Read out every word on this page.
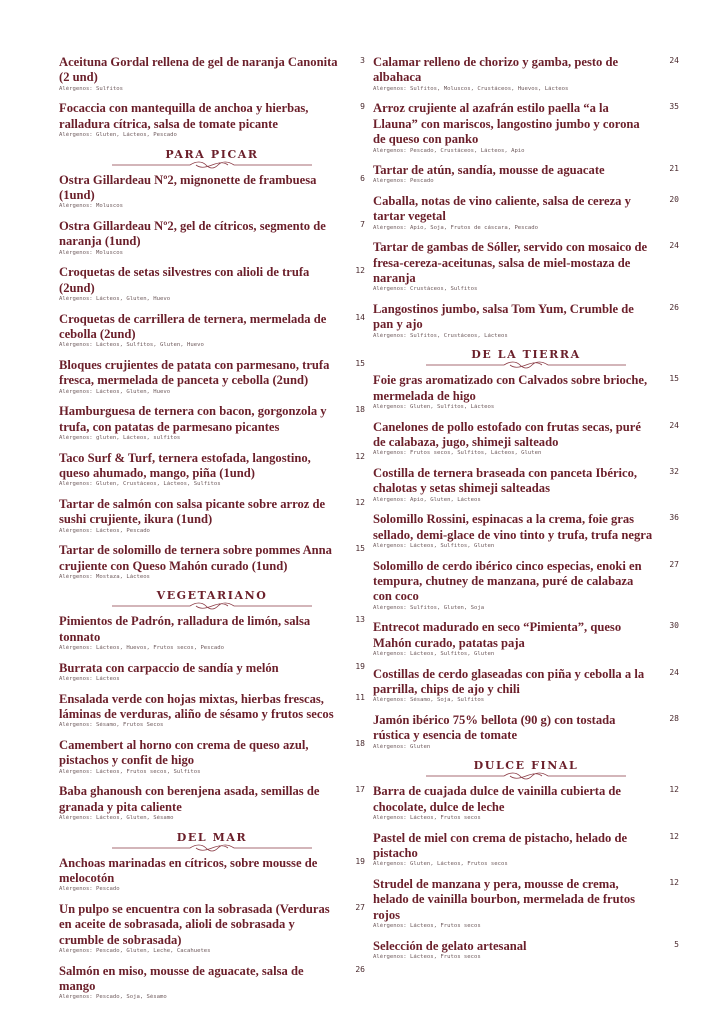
Aceituna Gordal rellena de gel de naranja Canonita (2 und)
3
Alérgenos: Sulfitos
Focaccia con mantequilla de anchoa y hierbas, ralladura cítrica, salsa de tomate picante
9
Alérgenos: Gluten, Lácteos, Pescado
PARA PICAR
Ostra Gillardeau Nº2, mignonette de frambuesa (1und)
6
Alérgenos: Moluscos
Ostra Gillardeau Nº2, gel de cítricos, segmento de naranja (1und)
7
Alérgenos: Moluscos
Croquetas de setas silvestres con alioli de trufa (2und)
12
Alérgenos: Lácteos, Gluten, Huevo
Croquetas de carrillera de ternera, mermelada de cebolla (2und)
14
Alérgenos: Lácteos, Sulfitos, Gluten, Huevo
Bloques crujientes de patata con parmesano, trufa fresca, mermelada de panceta y cebolla (2und)
15
Alérgenos: Lácteos, Gluten, Huevo
Hamburguesa de ternera con bacon, gorgonzola y trufa, con patatas de parmesano picantes
18
Alérgenos: gluten, Lácteos, sulfitos
Taco Surf & Turf, ternera estofada, langostino, queso ahumado, mango, piña (1und)
12
Alérgenos: Gluten, Crustáceos, Lácteos, Sulfitos
Tartar de salmón con salsa picante sobre arroz de sushi crujiente, ikura (1und)
12
Alérgenos: Lácteos, Pescado
Tartar de solomillo de ternera sobre pommes Anna crujiente con Queso Mahón curado (1und)
15
Alérgenos: Mostaza, Lácteos
VEGETARIANO
Pimientos de Padrón, ralladura de limón, salsa tonnato
13
Alérgenos: Lácteos, Huevos, Frutos secos, Pescado
Burrata con carpaccio de sandía y melón	19
Alérgenos: Lácteos
Ensalada verde con hojas mixtas, hierbas frescas, láminas de verduras, aliño de sésamo y frutos secos
11
Alérgenos: Sésamo, Frutos Secos
Camembert al horno con crema de queso azul, pistachos y confit de higo
18
Alérgenos: Lácteos, Frutos secos, Sulfitos
Baba ghanoush con berenjena asada, semillas de granada y pita caliente
17
Alérgenos: Lácteos, Gluten, Sésamo
DEL MAR
Anchoas marinadas en cítricos, sobre mousse de melocotón
19
Alérgenos: Pescado
Un pulpo se encuentra con la sobrasada (Verduras en aceite de sobrasada, alioli de sobrasada y crumble de sobrasada)
27
Alérgenos: Pescado, Gluten, Leche, Cacahuetes
Salmón en miso, mousse de aguacate, salsa de mango
26
Alérgenos: Pescado, Soja, Sésamo
Calamar relleno de chorizo y gamba, pesto de albahaca
24
Alérgenos: Sulfitos, Moluscos, Crustáceos, Huevos, Lácteos
Arroz crujiente al azafrán estilo paella “a la Llauna” con mariscos, langostino jumbo y corona de queso con panko
35
Alérgenos: Pescado, Crustáceos, Lácteos, Apio
Tartar de atún, sandía, mousse de aguacate	21
Alérgenos: Pescado
Caballa, notas de vino caliente, salsa de cereza y tartar vegetal
20
Alérgenos: Apio, Soja, Frutos de cáscara, Pescado
Tartar de gambas de Sóller, servido con mosaico de fresa-cereza-aceitunas, salsa de miel-mostaza de naranja
24
Alérgenos: Crustáceos, Sulfitos
Langostinos jumbo, salsa Tom Yum, Crumble de pan y ajo
26
Alérgenos: Sulfitos, Crustáceos, Lácteos
DE LA TIERRA
Foie gras aromatizado con Calvados sobre brioche, mermelada de higo
15
Alérgenos: Gluten, Sulfitos, Lácteos
Canelones de pollo estofado con frutas secas, puré de calabaza, jugo, shimeji salteado
24
Alérgenos: Frutos secos, Sulfitos, Lácteos, Gluten
Costilla de ternera braseada con panceta Ibérico, chalotas y setas shimeji salteadas
32
Alérgenos: Apio, Gluten, Lácteos
Solomillo Rossini, espinacas a la crema, foie gras sellado, demi-glace de vino tinto y trufa, trufa negra
36
Alérgenos: Lácteos, Sulfitos, Gluten
Solomillo de cerdo ibérico cinco especias, enoki en tempura, chutney de manzana, puré de calabaza con coco
27
Alérgenos: Sulfitos, Gluten, Soja
Entrecot madurado en seco “Pimienta”, queso Mahón curado, patatas paja
30
Alérgenos: Lácteos, Sulfitos, Gluten
Costillas de cerdo glaseadas con piña y cebolla a la parrilla, chips de ajo y chili
24
Alérgenos: Sésamo, Soja, Sulfitos
Jamón ibérico 75% bellota (90 g) con tostada rústica y esencia de tomate
28
Alérgenos: Gluten
DULCE FINAL
Barra de cuajada dulce de vainilla cubierta de chocolate, dulce de leche
12
Alérgenos: Lácteos, Frutos secos
Pastel de miel con crema de pistacho, helado de pistacho
12
Alérgenos: Gluten, Lácteos, Frutos secos
Strudel de manzana y pera, mousse de crema, helado de vainilla bourbon, mermelada de frutos rojos
12
Alérgenos: Lácteos, Frutos secos
Selección de gelato artesanal	5
Alérgenos: Lácteos, Frutos secos
